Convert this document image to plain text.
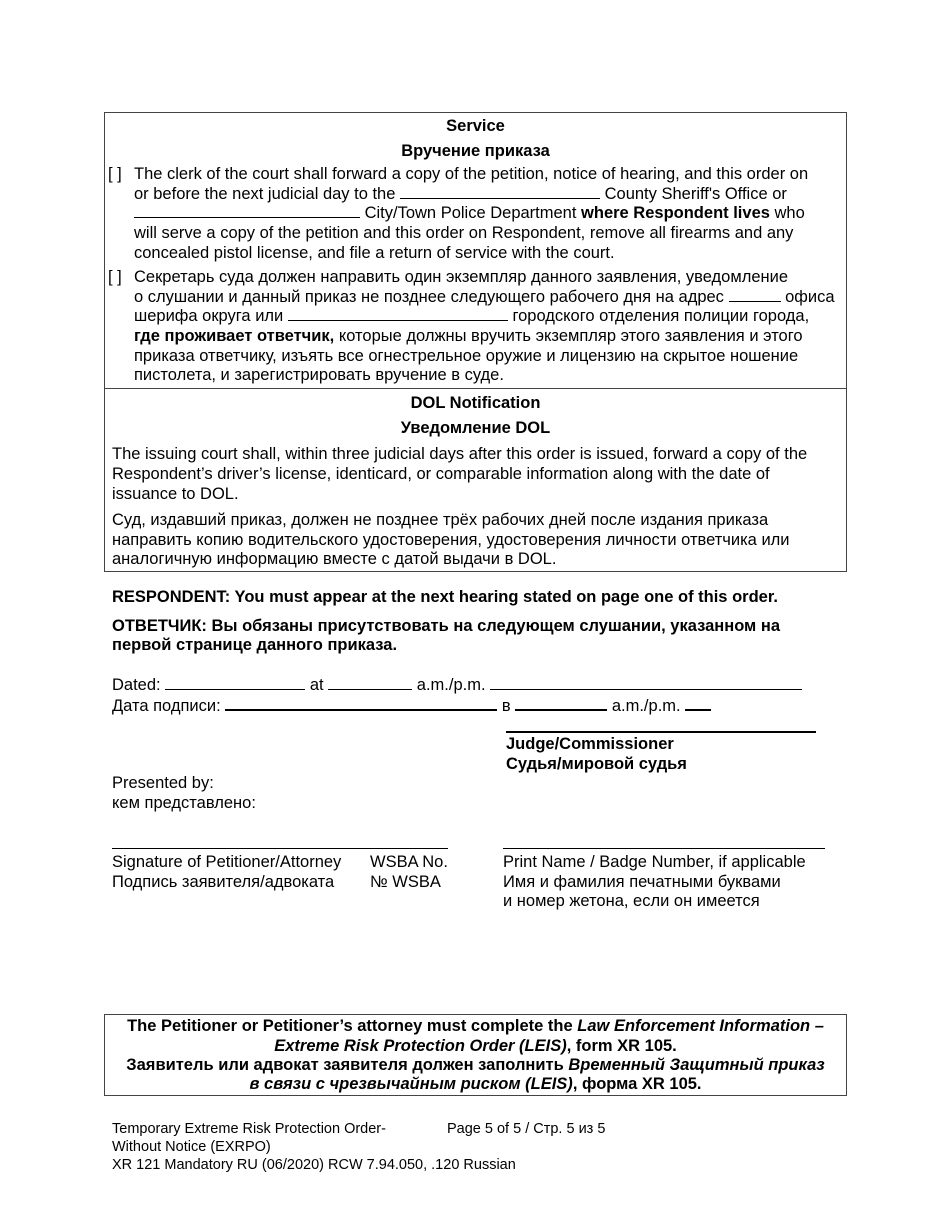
Service
Вручение приказа
[ ] The clerk of the court shall forward a copy of the petition, notice of hearing, and this order on
or before the next judicial day to the	County Sheriff's Office or
City/Town Police Department where Respondent lives who
will serve a copy of the petition and this order on Respondent, remove all firearms and any
concealed pistol license, and file a return of service with the court.
[ ] Секретарь суда должен направить один экземпляр данного заявления, уведомление
о слушании и данный приказ не позднее следующего рабочего дня на адрес	офиса
шерифа округа или	городского отделения полиции города,
где проживает ответчик, которые должны вручить экземпляр этого заявления и этого
приказа ответчику, изъять все огнестрельное оружие и лицензию на скрытое ношение
пистолета, и зарегистрировать вручение в суде.
DOL Notification
Уведомление DOL
The issuing court shall, within three judicial days after this order is issued, forward a copy of the
Respondent’s driver’s license, identicard, or comparable information along with the date of
issuance to DOL.
Суд, издавший приказ, должен не позднее трёх рабочих дней после издания приказа
направить копию водительского удостоверения, удостоверения личности ответчика или
аналогичную информацию вместе с датой выдачи в DOL.
RESPONDENT: You must appear at the next hearing stated on page one of this order.
ОТВЕТЧИК: Вы обязаны присутствовать на следующем слушании, указанном на
первой странице данного приказа.
Dated:	at	a.m./p.m.
Дата подписи:	в	a.m./p.m.
Judge/Commissioner
Судья/мировой судья
Presented by:
кем представлено:
Signature of Petitioner/Attorney
Подпись заявителя/адвоката
WSBA No.
№ WSBA
Print Name / Badge Number, if applicable
Имя и фамилия печатными буквами
и номер жетона, если он имеется
The Petitioner or Petitioner’s attorney must complete the Law Enforcement Information –
Extreme Risk Protection Order (LEIS), form XR 105.
Заявитель или адвокат заявителя должен заполнить Временный Защитный приказ
в связи с чрезвычайным риском (LEIS), форма XR 105.
Temporary Extreme Risk Protection Order-
Without Notice (EXRPO)
XR 121 Mandatory RU (06/2020) RCW 7.94.050, .120 Russian
Page 5 of 5 / Стр. 5 из 5
